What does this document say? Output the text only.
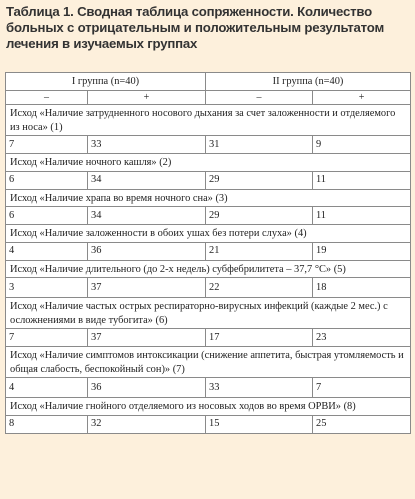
Таблица 1. Сводная таблица сопряженности. Количество больных с отрицательным и положительным результатом лечения в изучаемых группах
I группа (n=40)		II группа (n=40)	
–	+	–	+
Исход «Наличие затрудненного носового дыхания за счет заложенности и отделяемого из носа» (1)			
7	33	31	9
Исход «Наличие ночного кашля» (2)			
6	34	29	11
Исход «Наличие храпа во время ночного сна» (3)			
6	34	29	11
Исход «Наличие заложенности в обоих ушах без потери слуха» (4)			
4	36	21	19
Исход «Наличие длительного (до 2-х недель) субфебрилитета – 37,7 °С» (5)			
3	37	22	18
Исход «Наличие частых острых респираторно-вирусных инфекций (каждые 2 мес.) с осложнениями в виде тубогита» (6)			
7	37	17	23
Исход «Наличие симптомов интоксикации (снижение аппетита, быстрая утомляемость и общая слабость, беспокойный сон)» (7)			
4	36	33	7
Исход «Наличие гнойного отделяемого из носовых ходов во время ОРВИ» (8)			
8	32	15	25
